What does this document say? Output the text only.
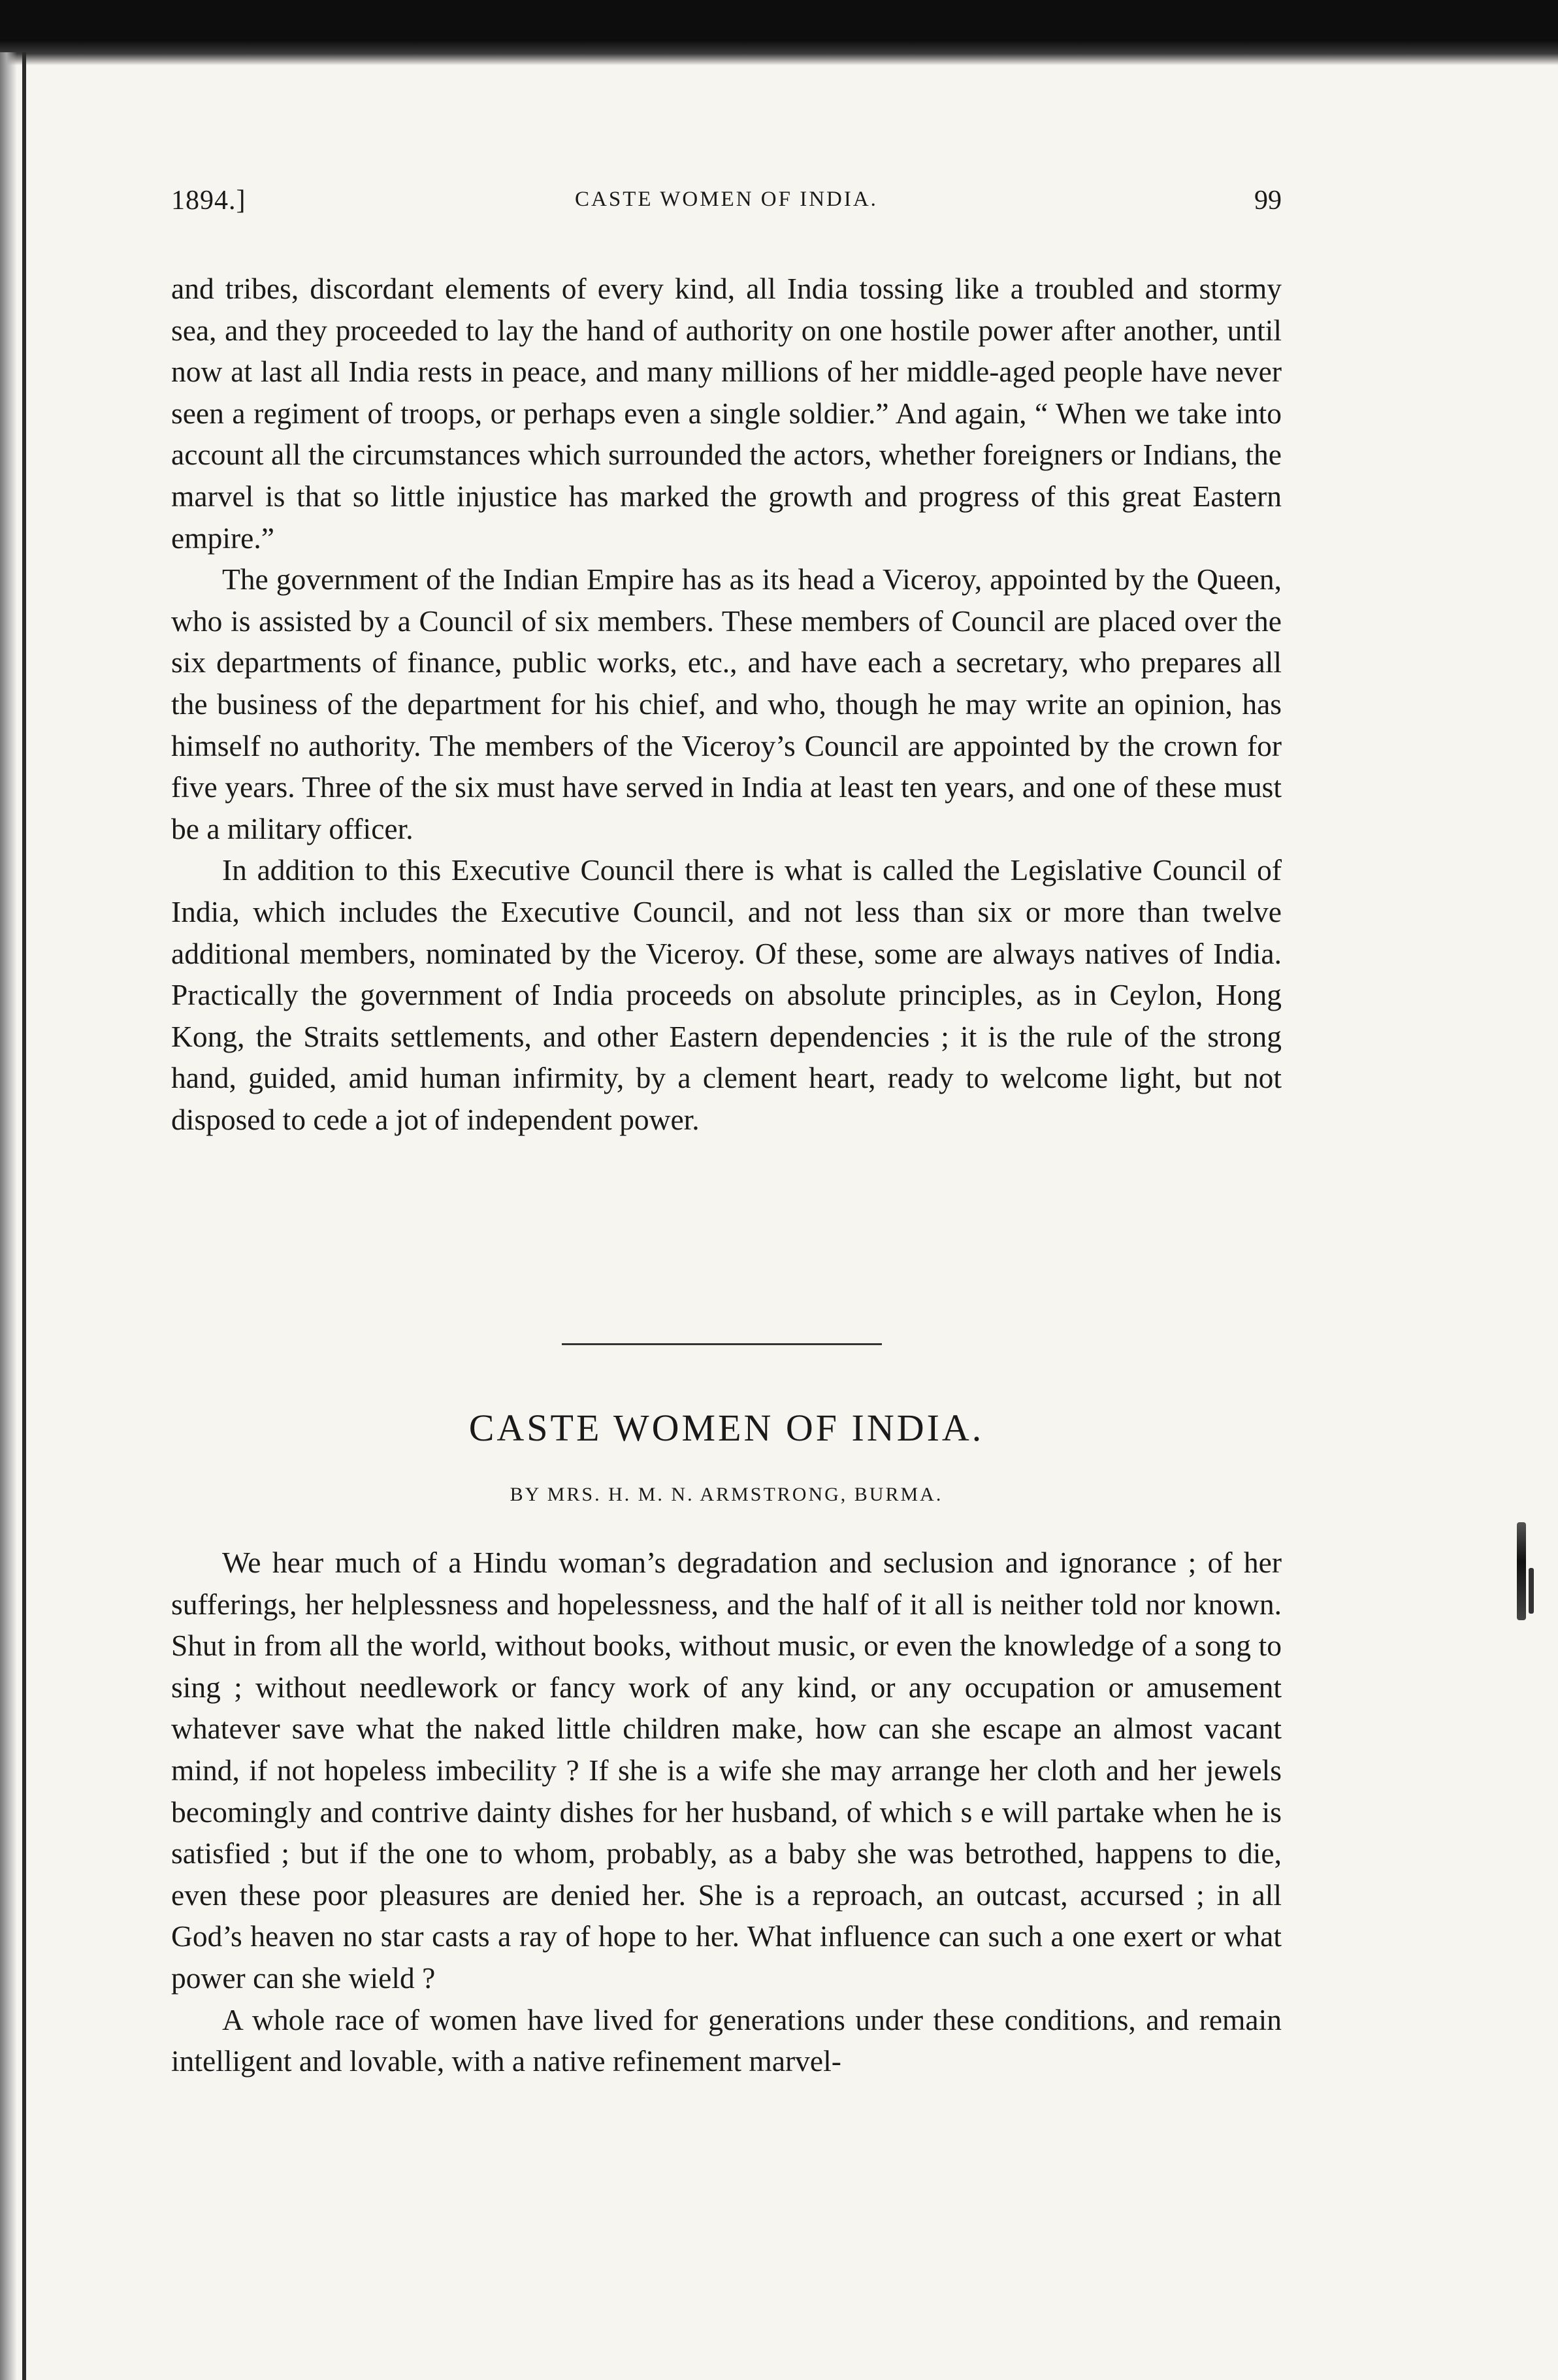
1894.]	CASTE WOMEN OF INDIA.	99

and tribes, discordant elements of every kind, all India tossing like a troubled and stormy sea, and they proceeded to lay the hand of authority on one hostile power after another, until now at last all India rests in peace, and many millions of her middle-aged people have never seen a regiment of troops, or perhaps even a single soldier.” And again, “ When we take into account all the circumstances which surrounded the actors, whether foreigners or Indians, the marvel is that so little injustice has marked the growth and progress of this great Eastern empire.”

The government of the Indian Empire has as its head a Viceroy, appointed by the Queen, who is assisted by a Council of six members. These members of Council are placed over the six departments of finance, public works, etc., and have each a secretary, who prepares all the business of the department for his chief, and who, though he may write an opinion, has himself no authority. The members of the Viceroy’s Council are appointed by the crown for five years. Three of the six must have served in India at least ten years, and one of these must be a military officer.

In addition to this Executive Council there is what is called the Legislative Council of India, which includes the Executive Council, and not less than six or more than twelve additional members, nominated by the Viceroy. Of these, some are always natives of India. Practically the government of India proceeds on absolute principles, as in Ceylon, Hong Kong, the Straits settlements, and other Eastern dependencies ; it is the rule of the strong hand, guided, amid human infirmity, by a clement heart, ready to welcome light, but not disposed to cede a jot of independent power.

CASTE WOMEN OF INDIA.
BY MRS. H. M. N. ARMSTRONG, BURMA.

We hear much of a Hindu woman’s degradation and seclusion and ignorance ; of her sufferings, her helplessness and hopelessness, and the half of it all is neither told nor known. Shut in from all the world, without books, without music, or even the knowledge of a song to sing ; without needlework or fancy work of any kind, or any occupation or amusement whatever save what the naked little children make, how can she escape an almost vacant mind, if not hopeless imbecility ? If she is a wife she may arrange her cloth and her jewels becomingly and contrive dainty dishes for her husband, of which s e will partake when he is satisfied ; but if the one to whom, probably, as a baby she was betrothed, happens to die, even these poor pleasures are denied her. She is a reproach, an outcast, accursed ; in all God’s heaven no star casts a ray of hope to her. What influence can such a one exert or what power can she wield ?

A whole race of women have lived for generations under these conditions, and remain intelligent and lovable, with a native refinement marvel-
